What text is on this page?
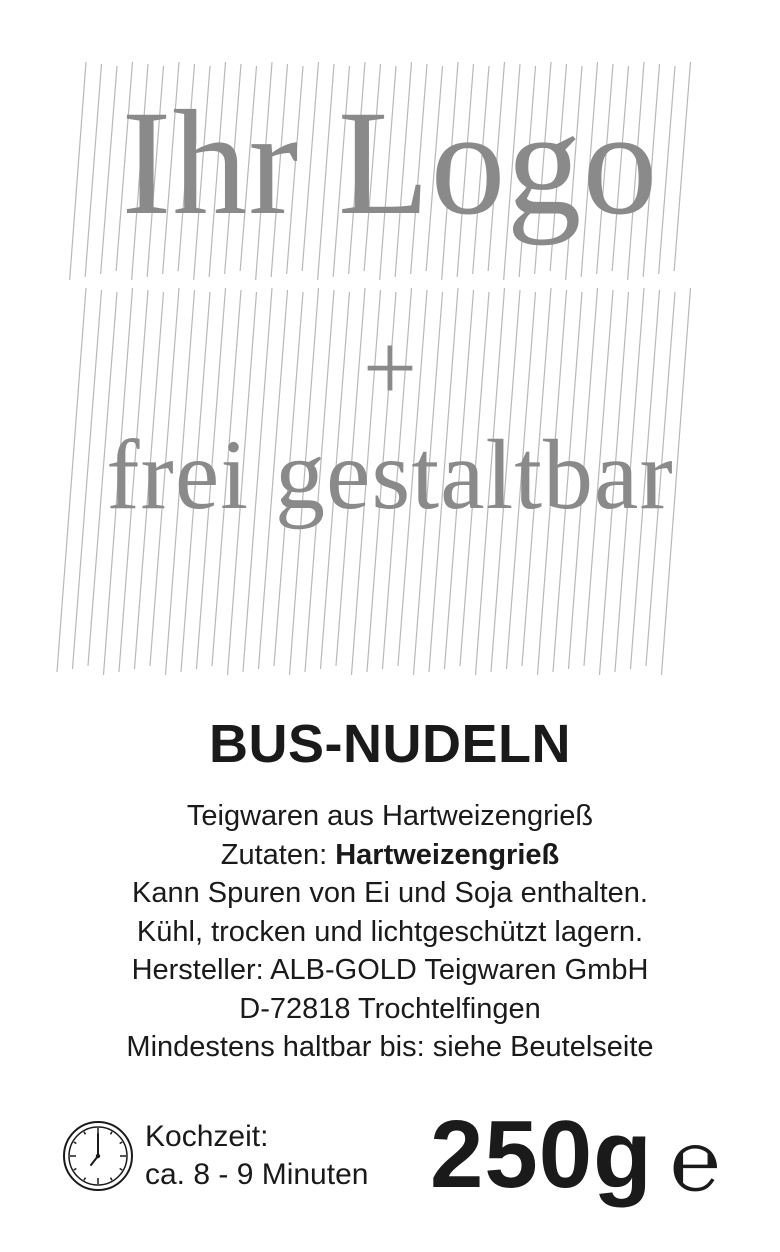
Ihr Logo
+
frei gestaltbar
BUS-NUDELN
Teigwaren aus Hartweizengrieß
Zutaten: Hartweizengrieß
Kann Spuren von Ei und Soja enthalten.
Kühl, trocken und lichtgeschützt lagern.
Hersteller: ALB-GOLD Teigwaren GmbH
D-72818 Trochtelfingen
Mindestens haltbar bis: siehe Beutelseite
Kochzeit:
ca. 8 - 9 Minuten 250g ℮
